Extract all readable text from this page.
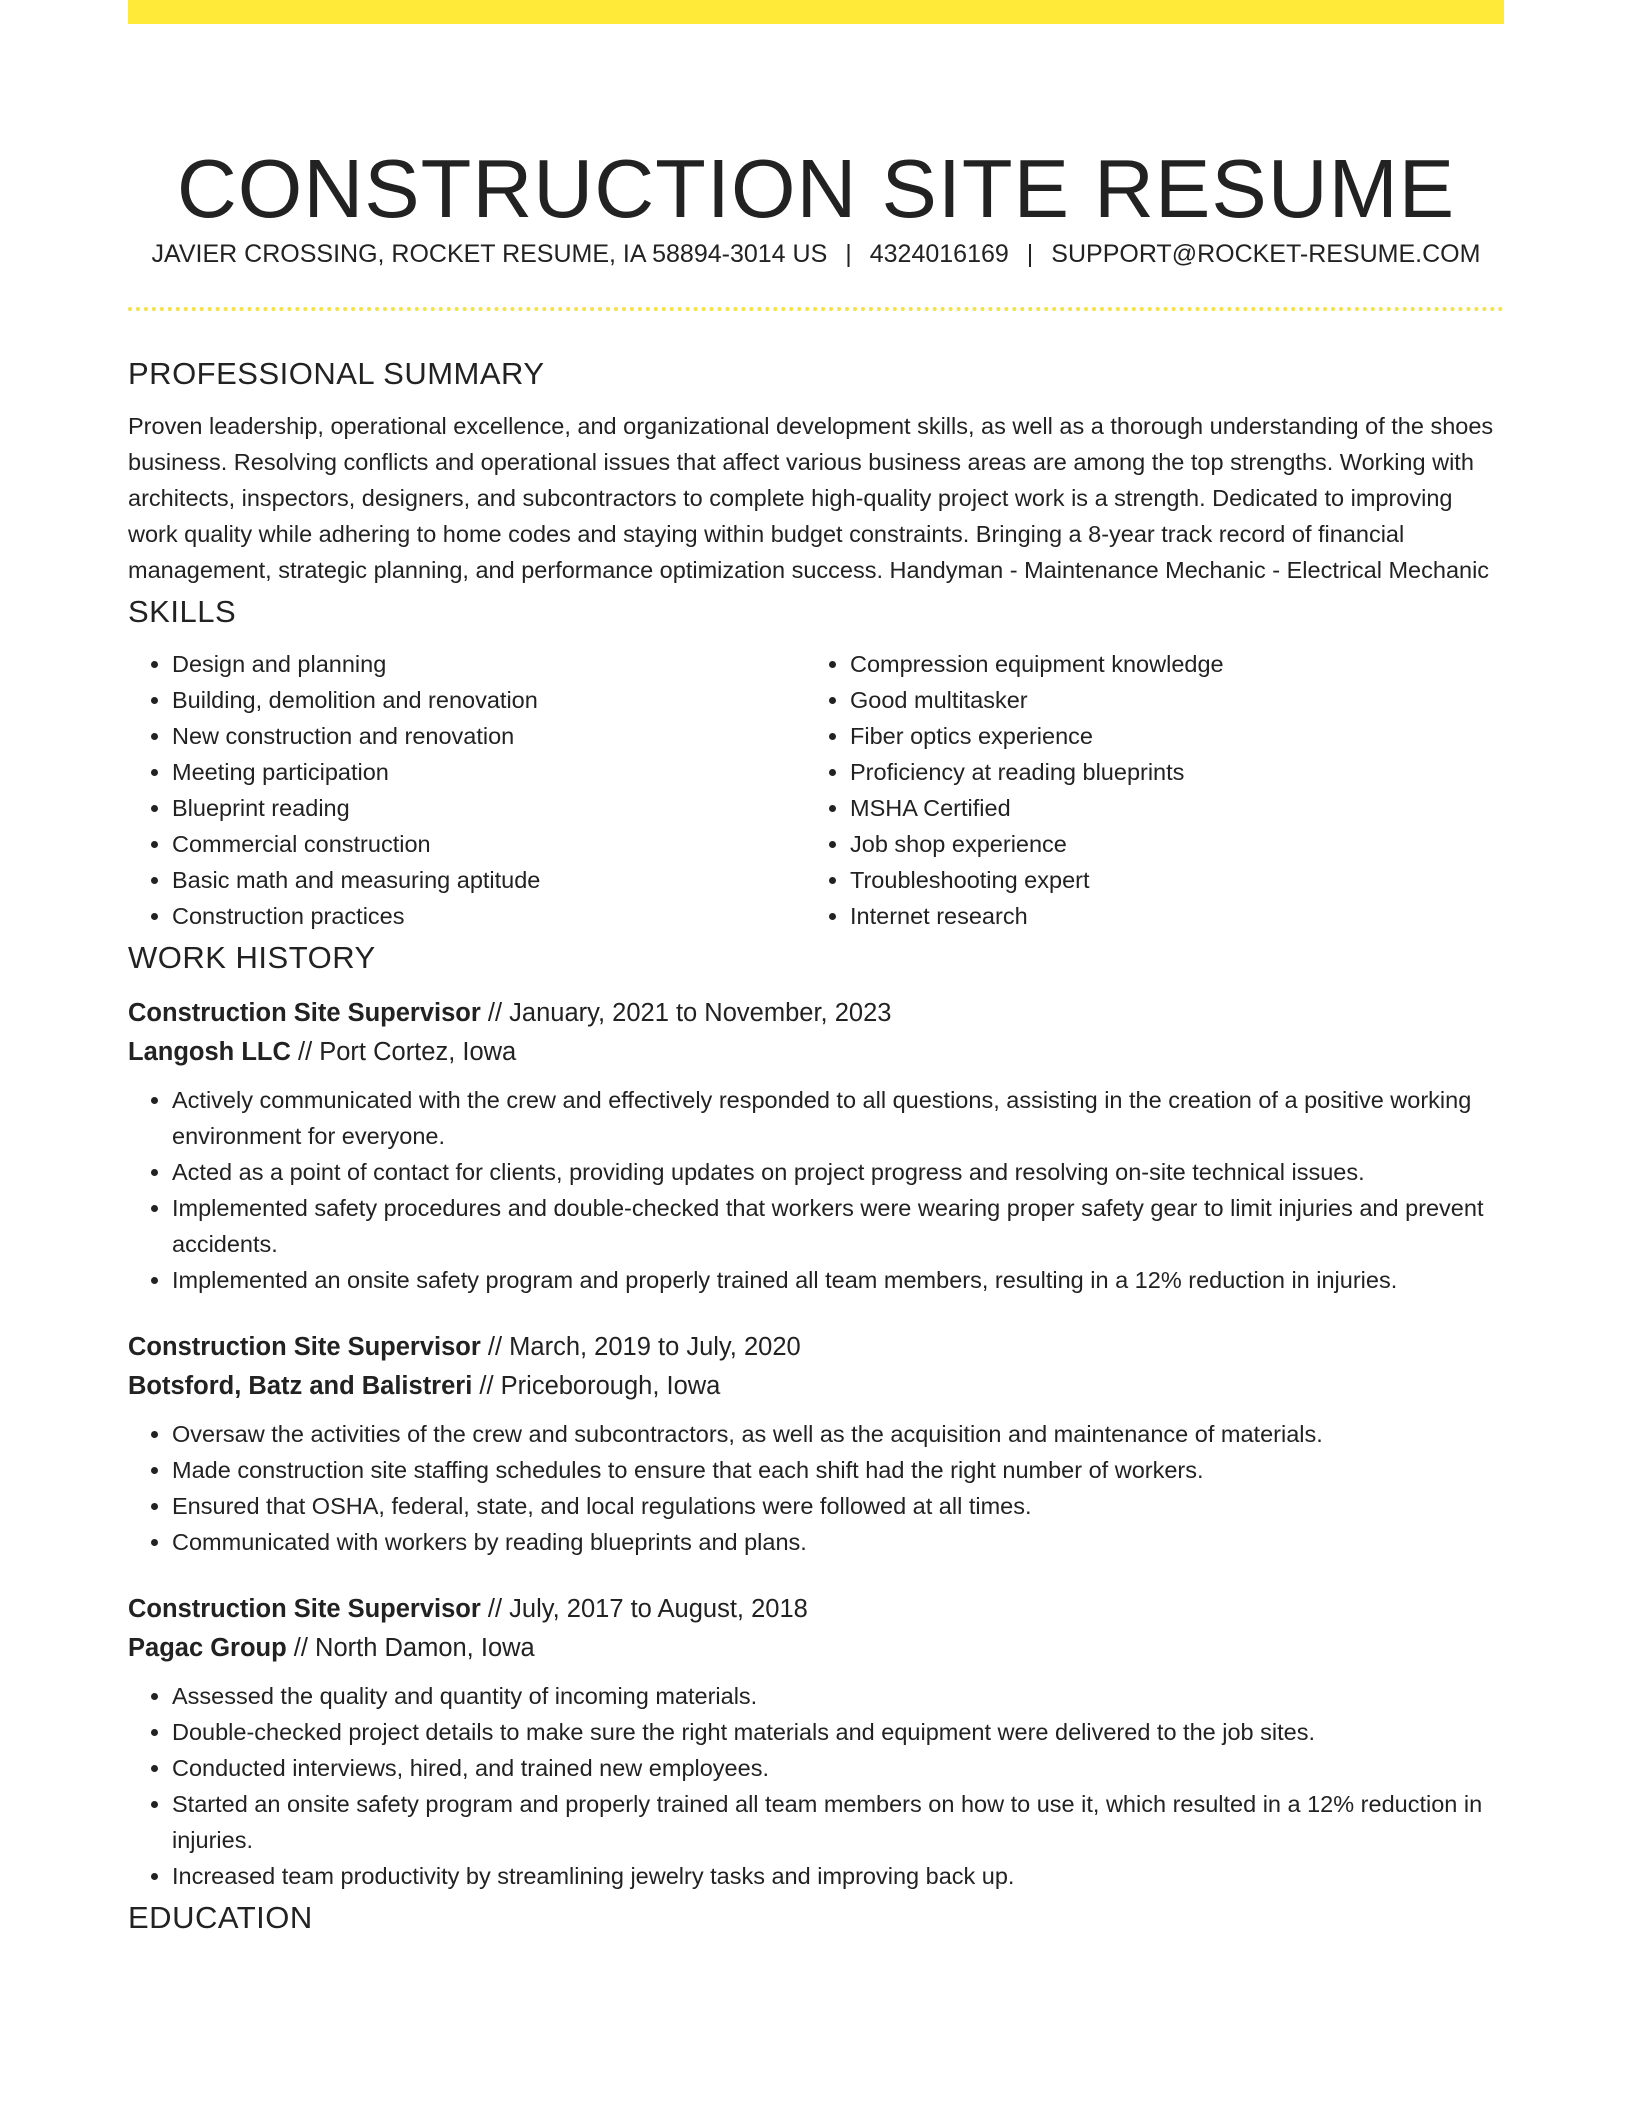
CONSTRUCTION SITE RESUME
JAVIER CROSSING, ROCKET RESUME, IA 58894-3014 US | 4324016169 | SUPPORT@ROCKET-RESUME.COM
PROFESSIONAL SUMMARY

Proven leadership, operational excellence, and organizational development skills, as well as a thorough understanding of the shoes business. Resolving conflicts and operational issues that affect various business areas are among the top strengths. Working with architects, inspectors, designers, and subcontractors to complete high-quality project work is a strength. Dedicated to improving work quality while adhering to home codes and staying within budget constraints. Bringing a 8-year track record of financial management, strategic planning, and performance optimization success. Handyman - Maintenance Mechanic - Electrical Mechanic

SKILLS
• Design and planning
• Building, demolition and renovation
• New construction and renovation
• Meeting participation
• Blueprint reading
• Commercial construction
• Basic math and measuring aptitude
• Construction practices
• Compression equipment knowledge
• Good multitasker
• Fiber optics experience
• Proficiency at reading blueprints
• MSHA Certified
• Job shop experience
• Troubleshooting expert
• Internet research
WORK HISTORY
Construction Site Supervisor // January, 2021 to November, 2023
Langosh LLC // Port Cortez, Iowa
• Actively communicated with the crew and effectively responded to all questions, assisting in the creation of a positive working environment for everyone.
• Acted as a point of contact for clients, providing updates on project progress and resolving on-site technical issues.
• Implemented safety procedures and double-checked that workers were wearing proper safety gear to limit injuries and prevent accidents.
• Implemented an onsite safety program and properly trained all team members, resulting in a 12% reduction in injuries.
Construction Site Supervisor // March, 2019 to July, 2020
Botsford, Batz and Balistreri // Priceborough, Iowa
• Oversaw the activities of the crew and subcontractors, as well as the acquisition and maintenance of materials.
• Made construction site staffing schedules to ensure that each shift had the right number of workers.
• Ensured that OSHA, federal, state, and local regulations were followed at all times.
• Communicated with workers by reading blueprints and plans.
Construction Site Supervisor // July, 2017 to August, 2018
Pagac Group // North Damon, Iowa
• Assessed the quality and quantity of incoming materials.
• Double-checked project details to make sure the right materials and equipment were delivered to the job sites.
• Conducted interviews, hired, and trained new employees.
• Started an onsite safety program and properly trained all team members on how to use it, which resulted in a 12% reduction in injuries.
• Increased team productivity by streamlining jewelry tasks and improving back up.
EDUCATION
